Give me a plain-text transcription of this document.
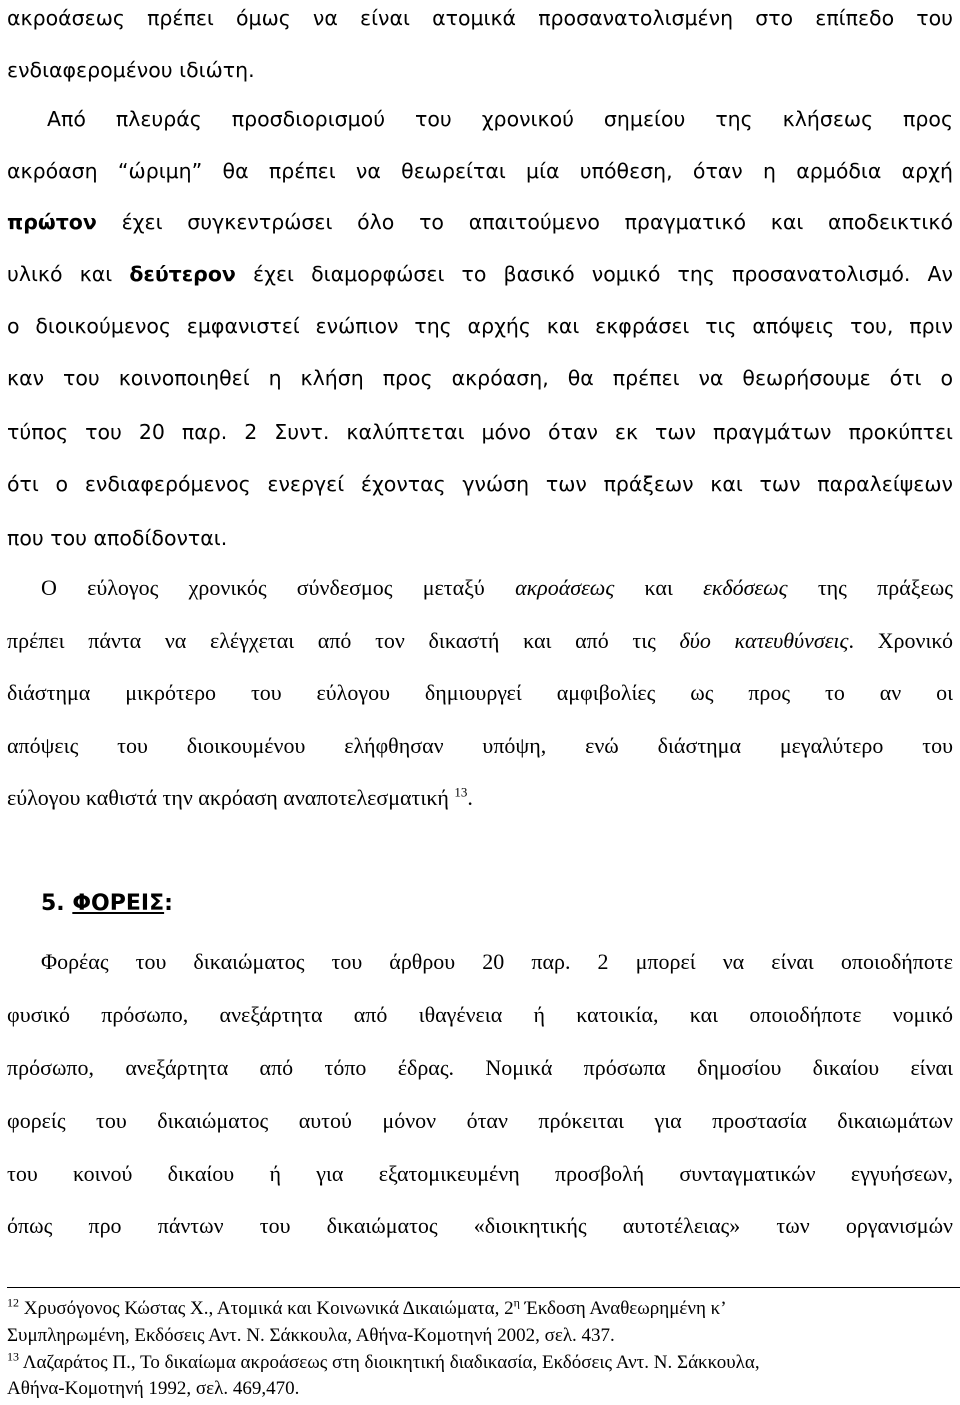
ακροάσεως πρέπει όμως να είναι ατομικά προσανατολισμένη στο επίπεδο του
ενδιαφερομένου ιδιώτη.
Από πλευράς προσδιορισμού του χρονικού σημείου της κλήσεως προς
ακρόαση “ώριμη” θα πρέπει να θεωρείται μία υπόθεση, όταν η αρμόδια αρχή
πρώτον έχει συγκεντρώσει όλο το απαιτούμενο πραγματικό και αποδεικτικό
υλικό και δεύτερον έχει διαμορφώσει το βασικό νομικό της προσανατολισμό. Αν
ο διοικούμενος εμφανιστεί ενώπιον της αρχής και εκφράσει τις απόψεις του, πριν
καν του κοινοποιηθεί η κλήση προς ακρόαση, θα πρέπει να θεωρήσουμε ότι ο
τύπος του 20 παρ. 2 Συντ. καλύπτεται μόνο όταν εκ των πραγμάτων προκύπτει
ότι ο ενδιαφερόμενος ενεργεί έχοντας γνώση των πράξεων και των παραλείψεων
που του αποδίδονται.
Ο εύλογος χρονικός σύνδεσμος μεταξύ ακροάσεως και εκδόσεως της πράξεως
πρέπει πάντα να ελέγχεται από τον δικαστή και από τις δύο κατευθύνσεις. Χρονικό
διάστημα μικρότερο του εύλογου δημιουργεί αμφιβολίες ως προς το αν οι
απόψεις του διοικουμένου ελήφθησαν υπόψη, ενώ διάστημα μεγαλύτερο του
εύλογου καθιστά την ακρόαση αναποτελεσματική $^{13}$.
5. ΦΟΡΕΙΣ:
Φορέας του δικαιώματος του άρθρου 20 παρ. 2 μπορεί να είναι οποιοδήποτε
φυσικό πρόσωπο, ανεξάρτητα από ιθαγένεια ή κατοικία, και οποιοδήποτε νομικό
πρόσωπο, ανεξάρτητα από τόπο έδρας. Νομικά πρόσωπα δημοσίου δικαίου είναι
φορείς του δικαιώματος αυτού μόνον όταν πρόκειται για προστασία δικαιωμάτων
του κοινού δικαίου ή για εξατομικευμένη προσβολή συνταγματικών εγγυήσεων,
όπως προ πάντων του δικαιώματος «διοικητικής αυτοτέλειας» των οργανισμών
$^{12}$ Χρυσόγονος Κώστας Χ., Ατομικά και Κοινωνικά Δικαιώματα, $2^\eta$ Έκδοση Αναθεωρημένη κ’
Συμπληρωμένη, Εκδόσεις Αντ. Ν. Σάκκουλα, Αθήνα-Κομοτηνή 2002, σελ. 437.
$^{13}$ Λαζαράτος Π., Το δικαίωμα ακροάσεως στη διοικητική διαδικασία, Εκδόσεις Αντ. Ν. Σάκκουλα,
Αθήνα-Κομοτηνή 1992, σελ. 469,470.
